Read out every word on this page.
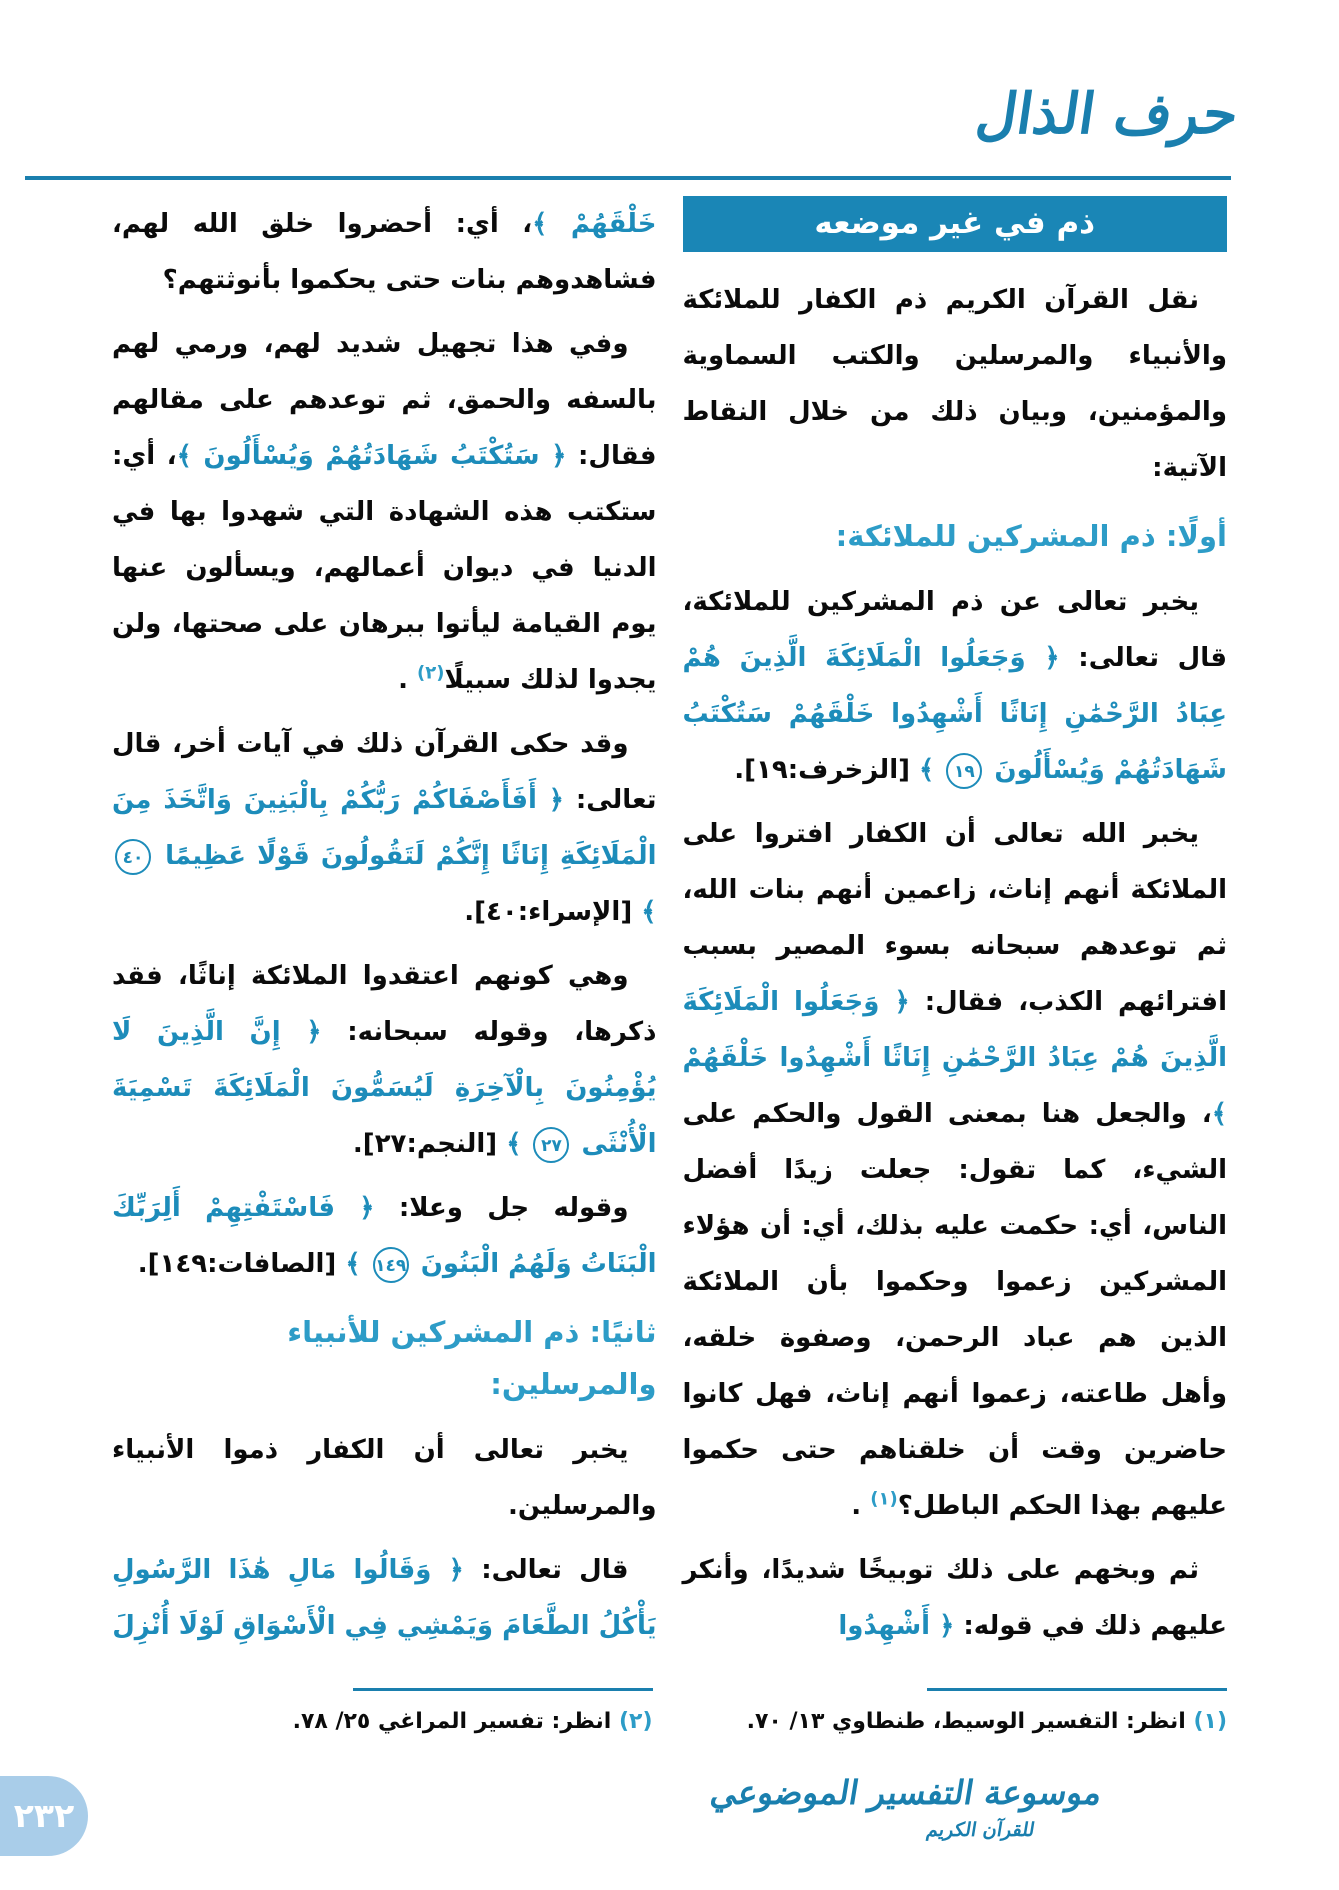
حرف الذال
ذم في غير موضعه

نقل القرآن الكريم ذم الكفار للملائكة والأنبياء والمرسلين والكتب السماوية والمؤمنين، وبيان ذلك من خلال النقاط الآتية:

أولًا: ذم المشركين للملائكة:

يخبر تعالى عن ذم المشركين للملائكة، قال تعالى: ﴿ وَجَعَلُوا الْمَلَائِكَةَ الَّذِينَ هُمْ عِبَادُ الرَّحْمَٰنِ إِنَاثًا أَشْهِدُوا خَلْقَهُمْ سَتُكْتَبُ شَهَادَتُهُمْ وَيُسْأَلُونَ ١٩ ﴾ [الزخرف:١٩].

يخبر الله تعالى أن الكفار افتروا على الملائكة أنهم إناث، زاعمين أنهم بنات الله، ثم توعدهم سبحانه بسوء المصير بسبب افترائهم الكذب، فقال: ﴿ وَجَعَلُوا الْمَلَائِكَةَ الَّذِينَ هُمْ عِبَادُ الرَّحْمَٰنِ إِنَاثًا أَشْهِدُوا خَلْقَهُمْ ﴾، والجعل هنا بمعنى القول والحكم على الشيء، كما تقول: جعلت زيدًا أفضل الناس، أي: حكمت عليه بذلك، أي: أن هؤلاء المشركين زعموا وحكموا بأن الملائكة الذين هم عباد الرحمن، وصفوة خلقه، وأهل طاعته، زعموا أنهم إناث، فهل كانوا حاضرين وقت أن خلقناهم حتى حكموا عليهم بهذا الحكم الباطل؟$^{(١)}$ .

ثم وبخهم على ذلك توبيخًا شديدًا، وأنكر عليهم ذلك في قوله: ﴿ أَشْهِدُوا

خَلْقَهُمْ ﴾، أي: أحضروا خلق الله لهم، فشاهدوهم بنات حتى يحكموا بأنوثتهم؟

وفي هذا تجهيل شديد لهم، ورمي لهم بالسفه والحمق، ثم توعدهم على مقالهم فقال: ﴿ سَتُكْتَبُ شَهَادَتُهُمْ وَيُسْأَلُونَ ﴾، أي: ستكتب هذه الشهادة التي شهدوا بها في الدنيا في ديوان أعمالهم، ويسألون عنها يوم القيامة ليأتوا ببرهان على صحتها، ولن يجدوا لذلك سبيلًا$^{(٢)}$ .

وقد حكى القرآن ذلك في آيات أخر، قال تعالى: ﴿ أَفَأَصْفَاكُمْ رَبُّكُمْ بِالْبَنِينَ وَاتَّخَذَ مِنَ الْمَلَائِكَةِ إِنَاثًا إِنَّكُمْ لَتَقُولُونَ قَوْلًا عَظِيمًا ٤٠ ﴾ [الإسراء:٤٠].

وهي كونهم اعتقدوا الملائكة إناثًا، فقد ذكرها، وقوله سبحانه: ﴿ إِنَّ الَّذِينَ لَا يُؤْمِنُونَ بِالْآخِرَةِ لَيُسَمُّونَ الْمَلَائِكَةَ تَسْمِيَةَ الْأُنْثَى ٢٧ ﴾ [النجم:٢٧].

وقوله جل وعلا: ﴿ فَاسْتَفْتِهِمْ أَلِرَبِّكَ الْبَنَاتُ وَلَهُمُ الْبَنُونَ ١٤٩ ﴾ [الصافات:١٤٩].

ثانيًا: ذم المشركين للأنبياء والمرسلين:

يخبر تعالى أن الكفار ذموا الأنبياء والمرسلين.

قال تعالى: ﴿ وَقَالُوا مَالِ هَٰذَا الرَّسُولِ يَأْكُلُ الطَّعَامَ وَيَمْشِي فِي الْأَسْوَاقِ لَوْلَا أُنْزِلَ

(١) انظر: التفسير الوسيط، طنطاوي ١٣/ ٧٠.
(٢) انظر: تفسير المراغي ٢٥/ ٧٨.
موسوعة التفسير الموضوعي
للقرآن الكريم
٢٣٢
